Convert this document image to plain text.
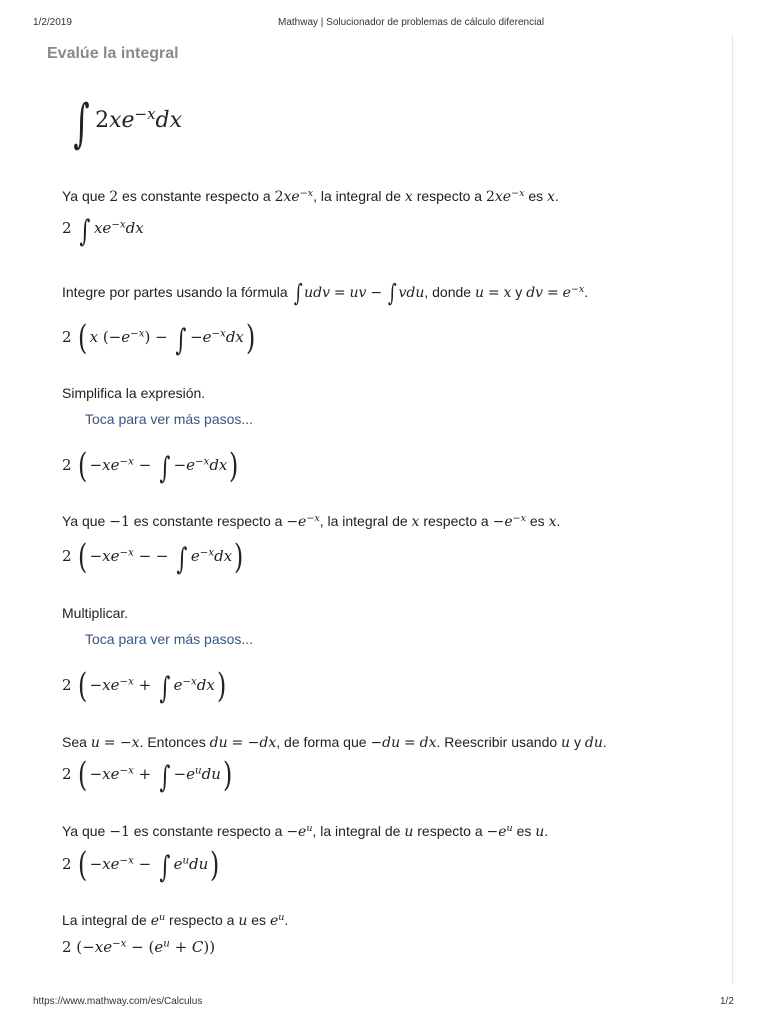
1/2/2019	Mathway | Solucionador de problemas de cálculo diferencial
Evalúe la integral
∫ $2xe^{-x}dx$
Ya que 2 es constante respecto a $2xe^{-x}$, la integral de x respecto a $2xe^{-x}$ es x.
2 ∫ $xe^{-x}dx$
Integre por partes usando la fórmula ∫ udv = uv − ∫ vdu, donde u = x y dv = $e^{-x}$.
2 ( x $(-e^{-x})$ − ∫ $-e^{-x}dx$)
Simplifica la expresión.
Toca para ver más pasos...
2 ( $-xe^{-x}$ − ∫ $-e^{-x}dx$)
Ya que −1 es constante respecto $a -e^{-x}$, la integral de x respecto $a -e^{-x}$ es x.
2 ( $-xe^{-x}$ − − ∫ $e^{-x}dx$)
Multiplicar.
Toca para ver más pasos...
2 ( $-xe^{-x}$ + ∫ $e^{-x}dx$)
Sea u = −x. Entonces du = −dx, de forma que −du = dx. Reescribir usando u y du.
2 ( $-xe^{-x}$ + ∫ $-e^udu$)
Ya que −1 es constante respecto $a -e^u$, la integral de u respecto $a -e^u$ es u.
2 ( $-xe^{-x}$ − ∫ $e^udu$)
La integral de $e^u$ respecto a u es $e^u$.
2 $(-xe^{-x} - (e^u + C))$
https://www.mathway.com/es/Calculus	1/2
